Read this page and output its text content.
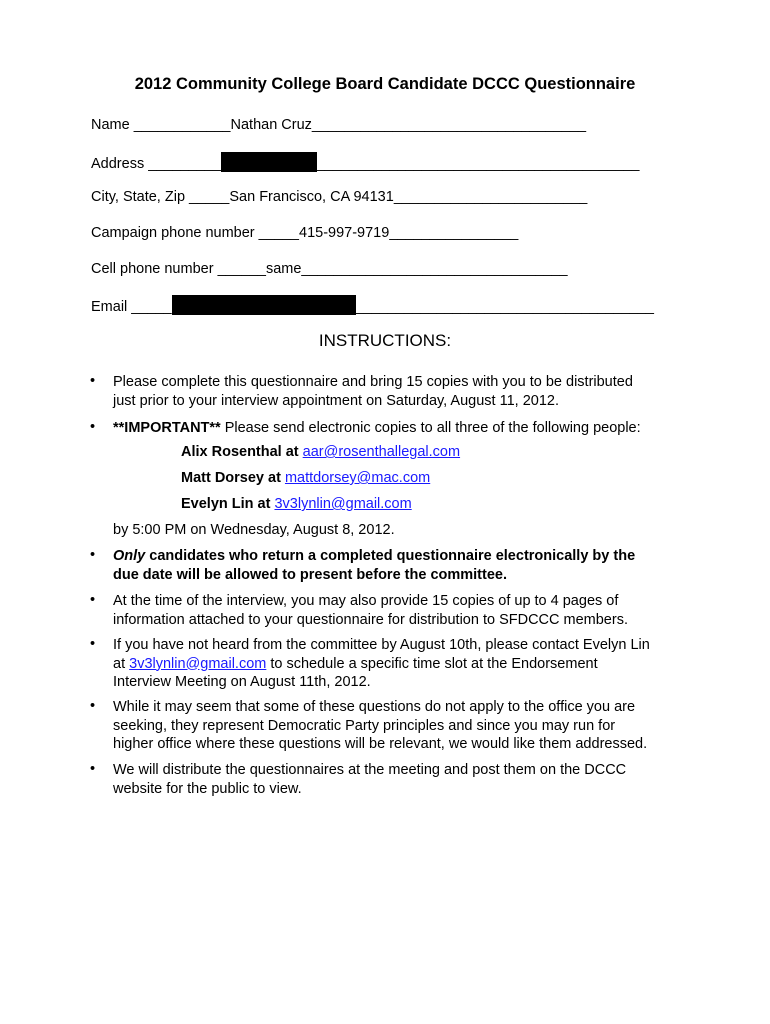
2012 Community College Board Candidate DCCC Questionnaire
Name ____________Nathan Cruz__________________________________
Address _________	________________________________________
City, State, Zip _____San Francisco, CA 94131________________________
Campaign phone number _____415-997-9719________________
Cell phone number ______same_________________________________
Email _____	_____________________________________
INSTRUCTIONS:
• Please complete this questionnaire and bring 15 copies with you to be distributed
just prior to your interview appointment on Saturday, August 11, 2012.
• **IMPORTANT** Please send electronic copies to all three of the following people:
Alix Rosenthal at aar@rosenthallegal.com
Matt Dorsey at mattdorsey@mac.com
Evelyn Lin at 3v3lynlin@gmail.com
by 5:00 PM on Wednesday, August 8, 2012.
• Only candidates who return a completed questionnaire electronically by the
due date will be allowed to present before the committee.
• At the time of the interview, you may also provide 15 copies of up to 4 pages of
information attached to your questionnaire for distribution to SFDCCC members.
• If you have not heard from the committee by August 10th, please contact Evelyn Lin
at 3v3lynlin@gmail.com to schedule a specific time slot at the Endorsement
Interview Meeting on August 11th, 2012.
• While it may seem that some of these questions do not apply to the office you are
seeking, they represent Democratic Party principles and since you may run for
higher office where these questions will be relevant, we would like them addressed.
• We will distribute the questionnaires at the meeting and post them on the DCCC
website for the public to view.
